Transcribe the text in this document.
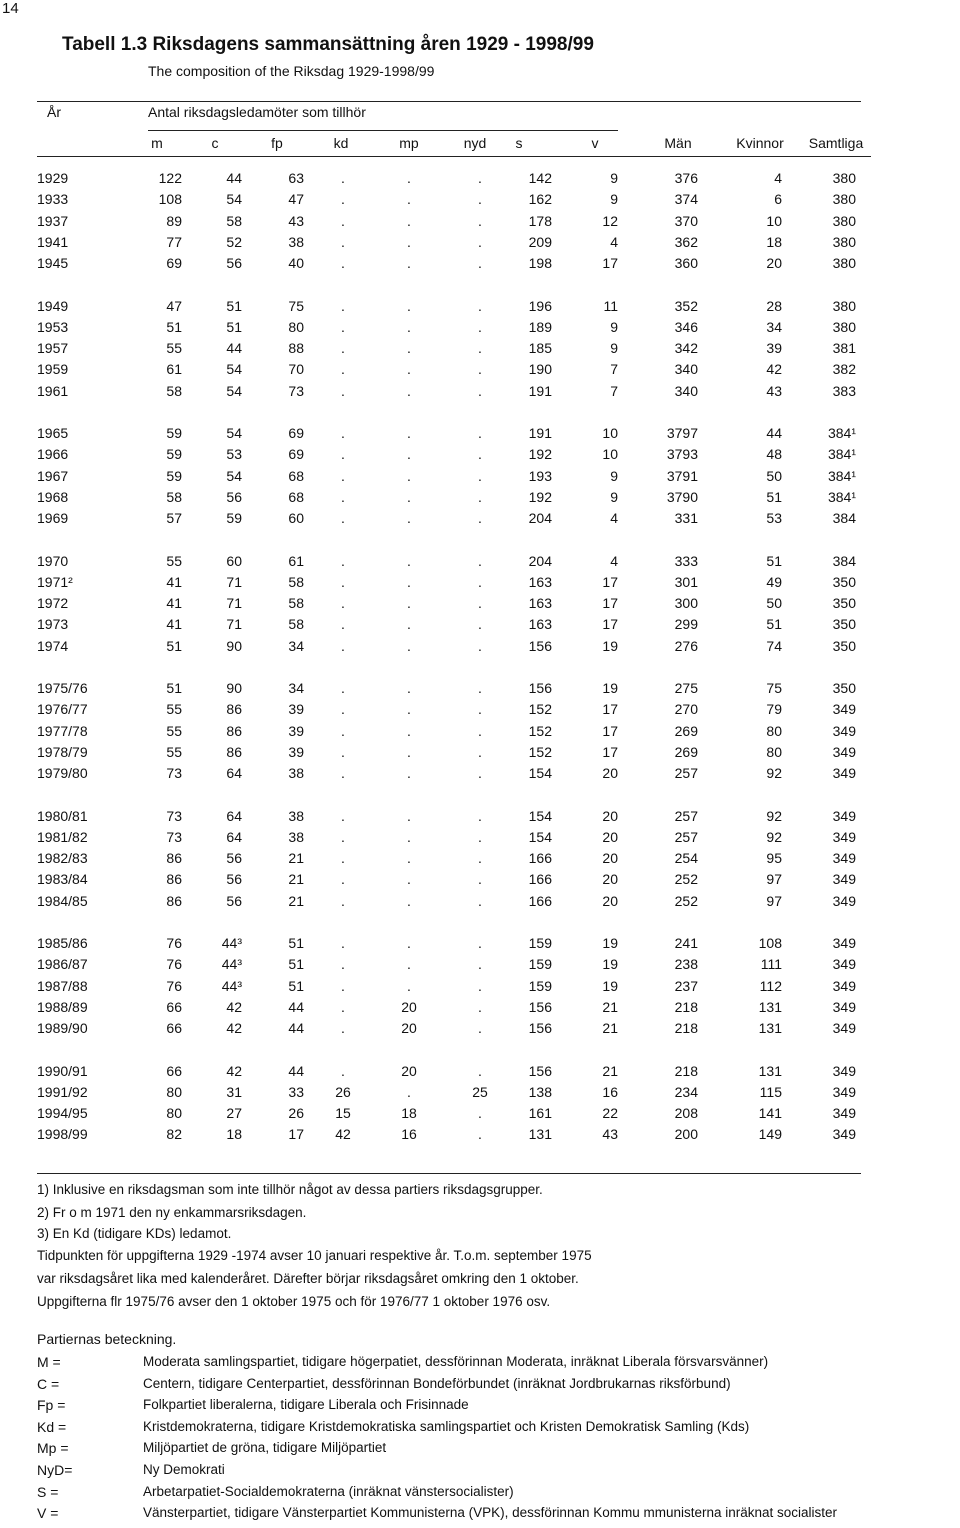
14
Tabell 1.3 Riksdagens sammansättning åren 1929 - 1998/99
The composition of the Riksdag 1929-1998/99
År	Antal riksdagsledamöter som tillhör
m	c	fp	kd	mp	nyd	s	v	Män	Kvinnor	Samtliga
1929	122	44	63	.	.	.	142	9	376	4	380
1933	108	54	47	.	.	.	162	9	374	6	380
1937	89	58	43	.	.	.	178	12	370	10	380
1941	77	52	38	.	.	.	209	4	362	18	380
1945	69	56	40	.	.	.	198	17	360	20	380
1949	47	51	75	.	.	.	196	11	352	28	380
1953	51	51	80	.	.	.	189	9	346	34	380
1957	55	44	88	.	.	.	185	9	342	39	381
1959	61	54	70	.	.	.	190	7	340	42	382
1961	58	54	73	.	.	.	191	7	340	43	383
1965	59	54	69	.	.	.	191	10	3797	44	384¹
1966	59	53	69	.	.	.	192	10	3793	48	384¹
1967	59	54	68	.	.	.	193	9	3791	50	384¹
1968	58	56	68	.	.	.	192	9	3790	51	384¹
1969	57	59	60	.	.	.	204	4	331	53	384
1970	55	60	61	.	.	.	204	4	333	51	384
1971²	41	71	58	.	.	.	163	17	301	49	350
1972	41	71	58	.	.	.	163	17	300	50	350
1973	41	71	58	.	.	.	163	17	299	51	350
1974	51	90	34	.	.	.	156	19	276	74	350
1975/76	51	90	34	.	.	.	156	19	275	75	350
1976/77	55	86	39	.	.	.	152	17	270	79	349
1977/78	55	86	39	.	.	.	152	17	269	80	349
1978/79	55	86	39	.	.	.	152	17	269	80	349
1979/80	73	64	38	.	.	.	154	20	257	92	349
1980/81	73	64	38	.	.	.	154	20	257	92	349
1981/82	73	64	38	.	.	.	154	20	257	92	349
1982/83	86	56	21	.	.	.	166	20	254	95	349
1983/84	86	56	21	.	.	.	166	20	252	97	349
1984/85	86	56	21	.	.	.	166	20	252	97	349
1985/86	76	44³	51	.	.	.	159	19	241	108	349
1986/87	76	44³	51	.	.	.	159	19	238	111	349
1987/88	76	44³	51	.	.	.	159	19	237	112	349
1988/89	66	42	44	.	20	.	156	21	218	131	349
1989/90	66	42	44	.	20	.	156	21	218	131	349
1990/91	66	42	44	.	20	.	156	21	218	131	349
1991/92	80	31	33	26	.	25	138	16	234	115	349
1994/95	80	27	26	15	18	.	161	22	208	141	349
1998/99	82	18	17	42	16	.	131	43	200	149	349
1) Inklusive en riksdagsman som inte tillhör något av dessa partiers riksdagsgrupper.
2) Fr o m 1971 den ny enkammarsriksdagen.
3) En Kd (tidigare KDs) ledamot.
Tidpunkten för uppgifterna 1929 -1974 avser 10 januari respektive år. T.o.m. september 1975
var riksdagsåret lika med kalenderåret. Därefter börjar riksdagsåret omkring den 1 oktober.
Uppgifterna flr 1975/76 avser den 1 oktober 1975 och för 1976/77 1 oktober 1976 osv.
Partiernas beteckning.
M =	Moderata samlingspartiet, tidigare högerpatiet, dessförinnan Moderata, inräknat Liberala försvarsvänner)
C =	Centern, tidigare Centerpartiet, dessförinnan Bondeförbundet (inräknat Jordbrukarnas riksförbund)
Fp =	Folkpartiet liberalerna, tidigare Liberala och Frisinnade
Kd =	Kristdemokraterna, tidigare Kristdemokratiska samlingspartiet och Kristen Demokratisk Samling (Kds)
Mp =	Miljöpartiet de gröna, tidigare Miljöpartiet
NyD=	Ny Demokrati
S =	Arbetarpatiet-Socialdemokraterna (inräknat vänstersocialister)
V =	Vänsterpartiet, tidigare Vänsterpartiet Kommunisterna (VPK), dessförinnan Kommu mmunisterna inräknat socialister
